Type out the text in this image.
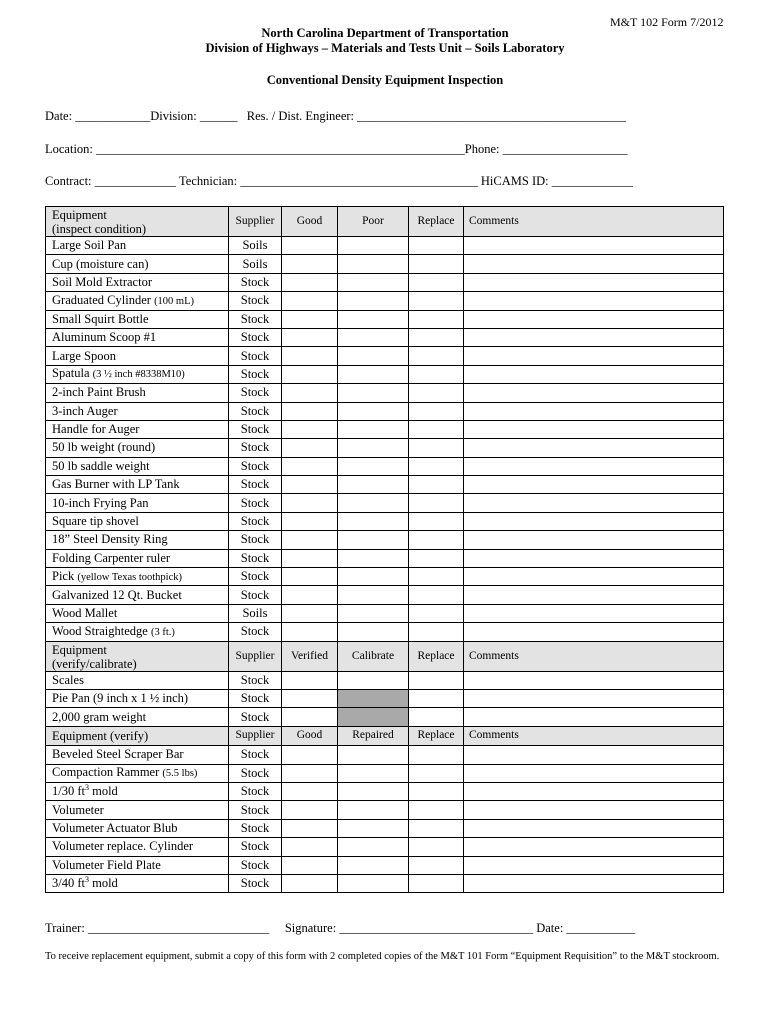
M&T 102 Form 7/2012
North Carolina Department of Transportation
Division of Highways – Materials and Tests Unit – Soils Laboratory
Conventional Density Equipment Inspection
Date: ____________Division: ______ Res. / Dist. Engineer: ___________________________________________
Location: ___________________________________________________________Phone: ____________________
Contract: _____________ Technician: ______________________________________ HiCAMS ID: _____________
Equipment
(inspect condition)	Supplier	Good	Poor	Replace	Comments
Large Soil Pan	Soils				
Cup (moisture can)	Soils				
Soil Mold Extractor	Stock				
Graduated Cylinder (100 mL)	Stock				
Small Squirt Bottle	Stock				
Aluminum Scoop #1	Stock				
Large Spoon	Stock				
Spatula (3 ½ inch #8338M10)	Stock				
2-inch Paint Brush	Stock				
3-inch Auger	Stock				
Handle for Auger	Stock				
50 lb weight (round)	Stock				
50 lb saddle weight	Stock				
Gas Burner with LP Tank	Stock				
10-inch Frying Pan	Stock				
Square tip shovel	Stock				
18” Steel Density Ring	Stock				
Folding Carpenter ruler	Stock				
Pick (yellow Texas toothpick)	Stock				
Galvanized 12 Qt. Bucket	Stock				
Wood Mallet	Soils				
Wood Straightedge (3 ft.)	Stock				
Equipment
(verify/calibrate)	Supplier	Verified	Calibrate	Replace	Comments
Scales	Stock				
Pie Pan (9 inch x 1 ½ inch)	Stock				
2,000 gram weight	Stock				
Equipment (verify)	Supplier	Good	Repaired	Replace	Comments
Beveled Steel Scraper Bar	Stock				
Compaction Rammer (5.5 lbs)	Stock				
1/30 $ft^3$ mold	Stock				
Volumeter	Stock				
Volumeter Actuator Blub	Stock				
Volumeter replace. Cylinder	Stock				
Volumeter Field Plate	Stock				
3/40 $ft^3$ mold	Stock				
Trainer: _____________________________ Signature: _______________________________ Date: ___________
To receive replacement equipment, submit a copy of this form with 2 completed copies of the M&T 101 Form “Equipment Requisition” to the M&T stockroom.
